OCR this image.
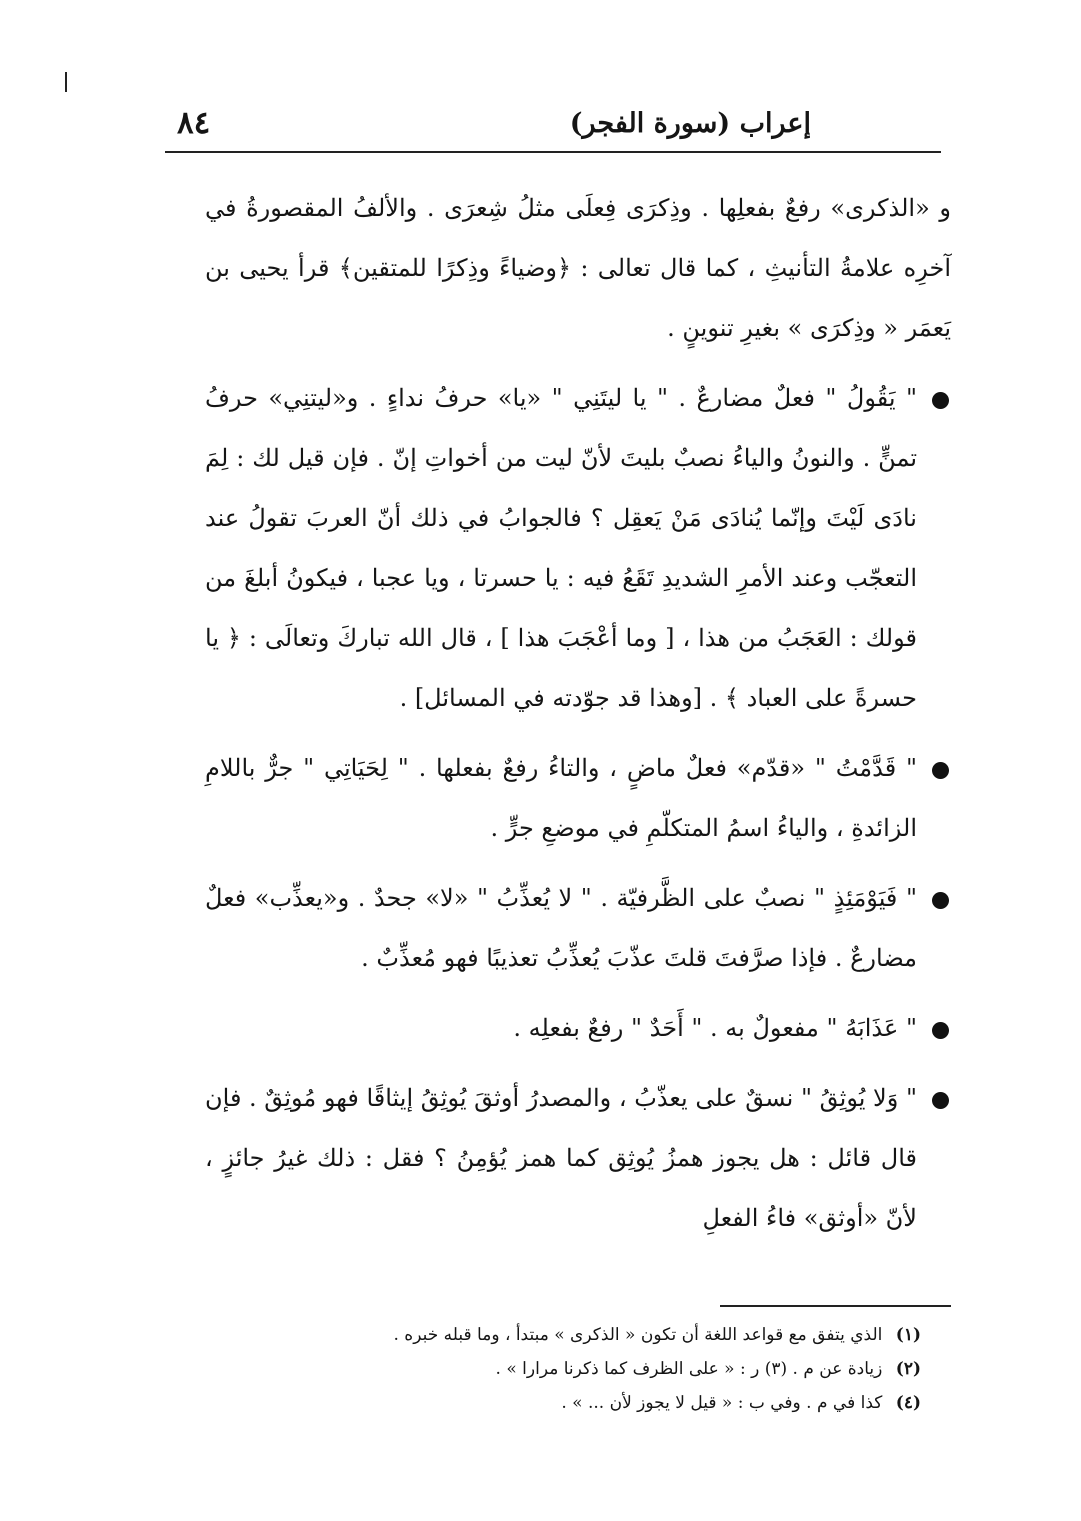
إعراب (سورة الفجر)
٨٤

و «الذكرى» رفعٌ بفعلِها . وذِكرَى فِعلَى مثلُ شِعرَى . والألفُ المقصورةُ في آخرِه علامةُ التأنيثِ ، كما قال تعالى : ﴿وضياءً وذِكرًا للمتقين﴾ قرأ يحيى بن يَعمَر « وذِكرَى » بغيرِ تنوينٍ .

" يَقُولُ " فعلٌ مضارعٌ . " يا ليتَنِي " «يا» حرفُ نداءٍ . و«ليتنِي» حرفُ تمنٍّ . والنونُ والياءُ نصبٌ بليتَ لأنّ ليت من أخواتِ إنّ . فإن قيل لك : لِمَ نادَى لَيْتَ وإنّما يُنادَى مَنْ يَعقِل ؟ فالجوابُ في ذلك أنّ العربَ تقولُ عند التعجّب وعند الأمرِ الشديدِ تَقَعُ فيه : يا حسرتا ، ويا عجبا ، فيكونُ أبلغَ من قولك : العَجَبُ من هذا ، [ وما أعْجَبَ هذا ] ، قال الله تباركَ وتعالَى : ﴿ يا حسرةً على العباد ﴾ . [وهذا قد جوّدته في المسائل] .
" قَدَّمْتُ " «قدّم» فعلٌ ماضٍ ، والتاءُ رفعٌ بفعلها . " لِحَيَاتِي " جرٌّ باللامِ الزائدةِ ، والياءُ اسمُ المتكلّمِ في موضعِ جرٍّ .
" فَيَوْمَئِذٍ " نصبٌ على الظَّرفيّة . " لا يُعذِّبُ " «لا» جحدٌ . و«يعذِّب» فعلٌ مضارعٌ . فإذا صرَّفتَ قلتَ عذّبَ يُعذِّبُ تعذيبًا فهو مُعذِّبٌ .
" عَذَابَهُ " مفعولٌ به . " أَحَدٌ " رفعٌ بفعلِه .
" وَلا يُوثِقُ " نسقٌ على يعذّبُ ، والمصدرُ أوثقَ يُوثِقُ إيثاقًا فهو مُوثِقٌ . فإن قال قائل : هل يجوز همزُ يُوثِق كما همز يُؤمِنُ ؟ فقل : ذلك غيرُ جائزٍ ، لأنّ «أوثق» فاءُ الفعلِ

(١) الذي يتفق مع قواعد اللغة أن تكون « الذكرى » مبتدأ ، وما قبله خبره .

(٢) زيادة عن م . (٣) ر : « على الظرف كما ذكرنا مرارا » .

(٤) كذا في م . وفي ب : « قيل لا يجوز لأن ... » .
